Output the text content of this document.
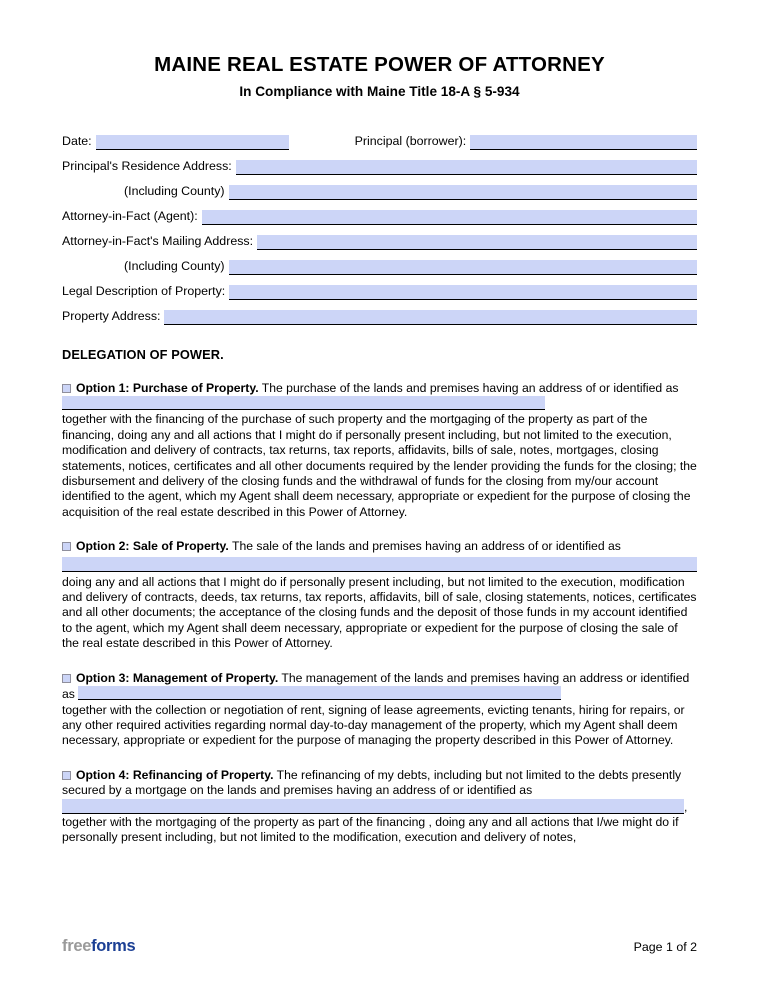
MAINE REAL ESTATE POWER OF ATTORNEY
In Compliance with Maine Title 18-A § 5-934
Date:	Principal (borrower):
Principal's Residence Address:
(Including County)
Attorney-in-Fact (Agent):
Attorney-in-Fact's Mailing Address:
(Including County)
Legal Description of Property:
Property Address:
DELEGATION OF POWER.

Option 1: Purchase of Property. The purchase of the lands and premises having an address of or identified as

together with the financing of the purchase of such property and the mortgaging of the property as part of the financing, doing any and all actions that I might do if personally present including, but not limited to the execution, modification and delivery of contracts, tax returns, tax reports, affidavits, bills of sale, notes, mortgages, closing statements, notices, certificates and all other documents required by the lender providing the funds for the closing; the disbursement and delivery of the closing funds and the withdrawal of funds for the closing from my/our account identified to the agent, which my Agent shall deem necessary, appropriate or expedient for the purpose of closing the acquisition of the real estate described in this Power of Attorney.

Option 2: Sale of Property. The sale of the lands and premises having an address of or identified as

doing any and all actions that I might do if personally present including, but not limited to the execution, modification and delivery of contracts, deeds, tax returns, tax reports, affidavits, bill of sale, closing statements, notices, certificates and all other documents; the acceptance of the closing funds and the deposit of those funds in my account identified to the agent, which my Agent shall deem necessary, appropriate or expedient for the purpose of closing the sale of the real estate described in this Power of Attorney.

Option 3: Management of Property. The management of the lands and premises having an address or identified as

together with the collection or negotiation of rent, signing of lease agreements, evicting tenants, hiring for repairs, or any other required activities regarding normal day-to-day management of the property, which my Agent shall deem necessary, appropriate or expedient for the purpose of managing the property described in this Power of Attorney.

Option 4: Refinancing of Property. The refinancing of my debts, including but not limited to the debts presently secured by a mortgage on the lands and premises having an address of or identified as

,

together with the mortgaging of the property as part of the financing , doing any and all actions that I/we might do if personally present including, but not limited to the modification, execution and delivery of notes,

freeforms	Page 1 of 2
